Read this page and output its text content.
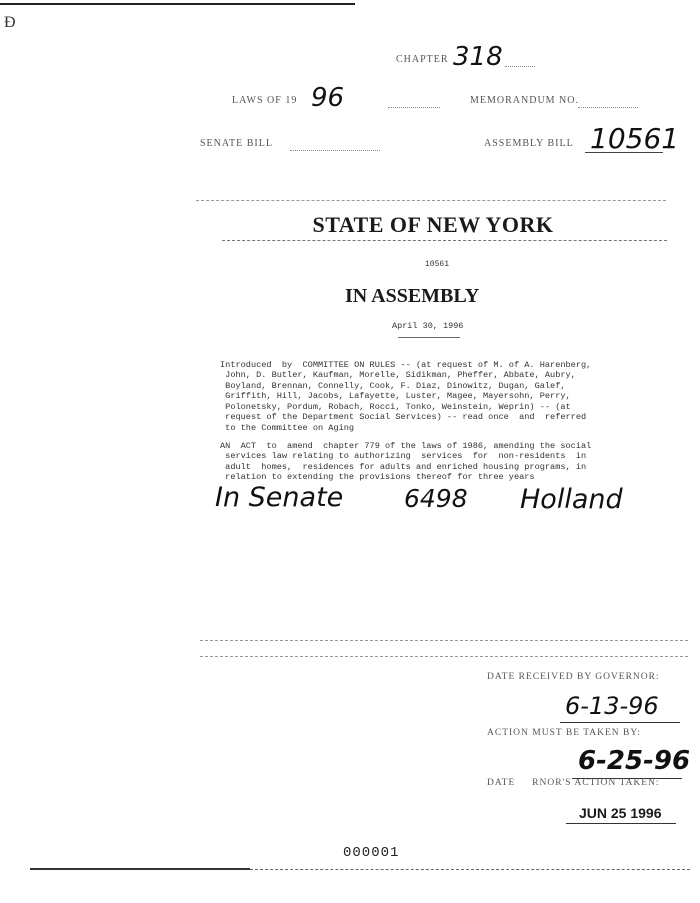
Ð
CHAPTER 318
LAWS OF 19 96	MEMORANDUM NO.
SENATE BILL	ASSEMBLY BILL 10561
STATE OF NEW YORK
10561
IN ASSEMBLY
April 30, 1996

Introduced  by  COMMITTEE ON RULES -- (at request of M. of A. Harenberg,
John, D. Butler, Kaufman, Morelle, Sidikman, Pheffer, Abbate, Aubry,
Boyland, Brennan, Connelly, Cook, F. Diaz, Dinowitz, Dugan, Galef,
Griffith, Hill, Jacobs, Lafayette, Luster, Magee, Mayersohn, Perry,
Polonetsky, Pordum, Robach, Rocci, Tonko, Weinstein, Weprin) -- (at
request of the Department Social Services) -- read once  and  referred
to the Committee on Aging

AN  ACT  to  amend  chapter 779 of the laws of 1986, amending the social
services law relating to authorizing  services  for  non-residents  in
adult  homes,  residences for adults and enriched housing programs, in
relation to extending the provisions thereof for three years

In Senate 6498 Holland
DATE RECEIVED BY GOVERNOR:
6-13-96
ACTION MUST BE TAKEN BY:
6-25-96
DATE     RNOR'S ACTION TAKEN:
JUN 25 1996
000001
